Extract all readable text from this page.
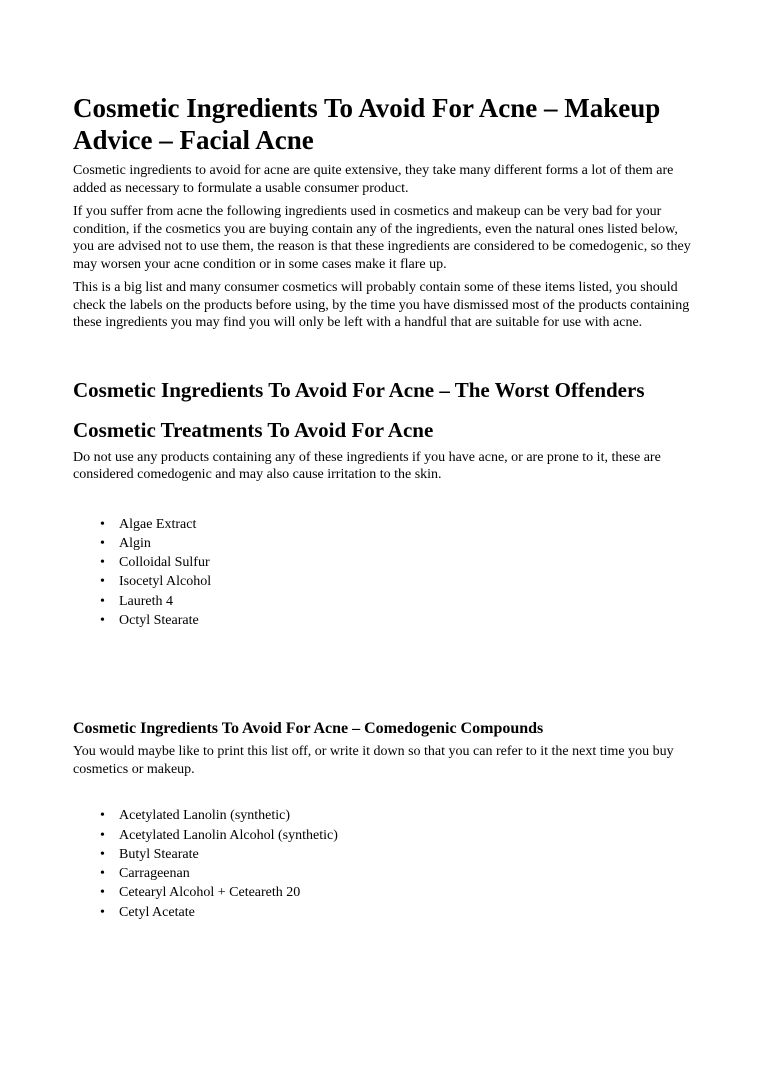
Cosmetic Ingredients To Avoid For Acne – Makeup Advice – Facial Acne

Cosmetic ingredients to avoid for acne are quite extensive, they take many different forms a lot of them are added as necessary to formulate a usable consumer product.

If you suffer from acne the following ingredients used in cosmetics and makeup can be very bad for your condition, if the cosmetics you are buying contain any of the ingredients, even the natural ones listed below, you are advised not to use them, the reason is that these ingredients are considered to be comedogenic, so they may worsen your acne condition or in some cases make it flare up.

This is a big list and many consumer cosmetics will probably contain some of these items listed, you should check the labels on the products before using, by the time you have dismissed most of the products containing these ingredients you may find you will only be left with a handful that are suitable for use with acne.

Cosmetic Ingredients To Avoid For Acne – The Worst Offenders
Cosmetic Treatments To Avoid For Acne

Do not use any products containing any of these ingredients if you have acne, or are prone to it, these are considered comedogenic and may also cause irritation to the skin.

• Algae Extract
• Algin
• Colloidal Sulfur
• Isocetyl Alcohol
• Laureth 4
• Octyl Stearate
Cosmetic Ingredients To Avoid For Acne – Comedogenic Compounds

You would maybe like to print this list off, or write it down so that you can refer to it the next time you buy cosmetics or makeup.

• Acetylated Lanolin (synthetic)
• Acetylated Lanolin Alcohol (synthetic)
• Butyl Stearate
• Carrageenan
• Cetearyl Alcohol + Ceteareth 20
• Cetyl Acetate
